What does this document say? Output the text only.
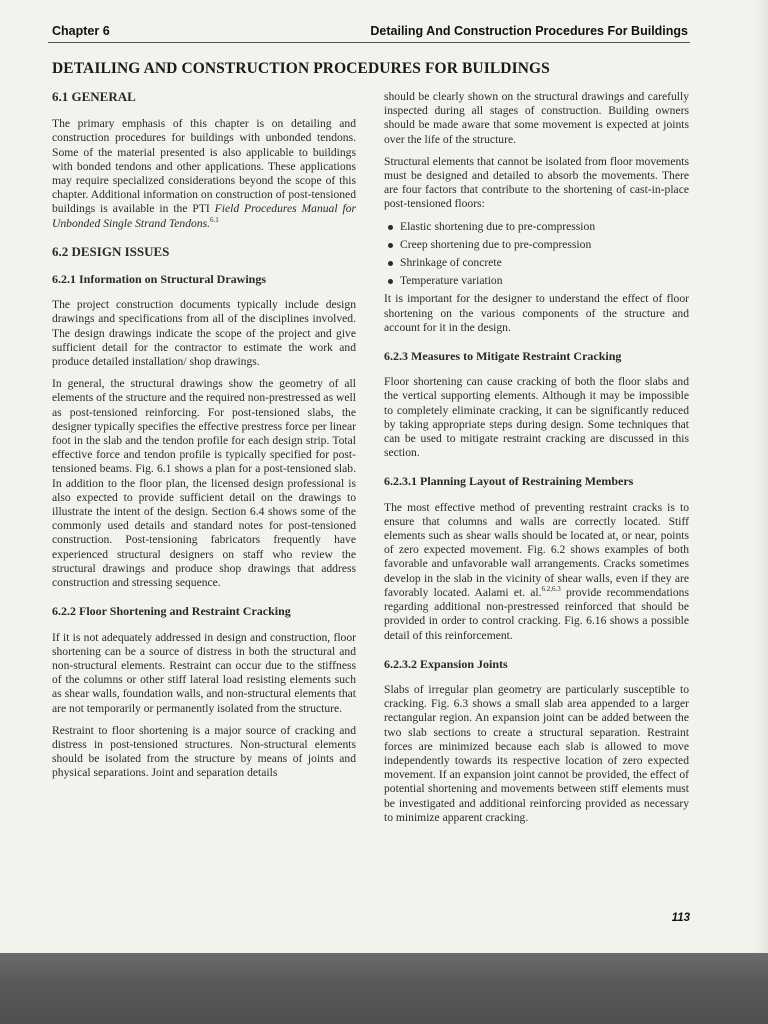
Chapter 6	Detailing And Construction Procedures For Buildings
DETAILING AND CONSTRUCTION PROCEDURES FOR BUILDINGS
6.1 GENERAL

The primary emphasis of this chapter is on detailing and construction procedures for buildings with unbonded tendons. Some of the material presented is also applicable to buildings with bonded tendons and other applications. These applications may require specialized considerations beyond the scope of this chapter. Additional information on construction of post-tensioned buildings is available in the PTI Field Procedures Manual for Unbonded Single Strand Tendons.$^{6.1}$

6.2 DESIGN ISSUES
6.2.1 Information on Structural Drawings

The project construction documents typically include design drawings and specifications from all of the disciplines involved. The design drawings indicate the scope of the project and give sufficient detail for the contractor to estimate the work and produce detailed installation/ shop drawings.

In general, the structural drawings show the geometry of all elements of the structure and the required non-prestressed as well as post-tensioned reinforcing. For post-tensioned slabs, the designer typically specifies the effective prestress force per linear foot in the slab and the tendon profile for each design strip. Total effective force and tendon profile is typically specified for post-tensioned beams. Fig. 6.1 shows a plan for a post-tensioned slab. In addition to the floor plan, the licensed design professional is also expected to provide sufficient detail on the drawings to illustrate the intent of the design. Section 6.4 shows some of the commonly used details and standard notes for post-tensioned construction. Post-tensioning fabricators frequently have experienced structural designers on staff who review the structural drawings and produce shop drawings that address construction and stressing sequence.

6.2.2 Floor Shortening and Restraint Cracking

If it is not adequately addressed in design and construction, floor shortening can be a source of distress in both the structural and non-structural elements. Restraint can occur due to the stiffness of the columns or other stiff lateral load resisting elements such as shear walls, foundation walls, and non-structural elements that are not temporarily or permanently isolated from the structure.

Restraint to floor shortening is a major source of cracking and distress in post-tensioned structures. Non-structural elements should be isolated from the structure by means of joints and physical separations. Joint and separation details

should be clearly shown on the structural drawings and carefully inspected during all stages of construction. Building owners should be made aware that some movement is expected at joints over the life of the structure.

Structural elements that cannot be isolated from floor movements must be designed and detailed to absorb the movements. There are four factors that contribute to the shortening of cast-in-place post-tensioned floors:

Elastic shortening due to pre-compression
Creep shortening due to pre-compression
Shrinkage of concrete
Temperature variation

It is important for the designer to understand the effect of floor shortening on the various components of the structure and account for it in the design.

6.2.3 Measures to Mitigate Restraint Cracking

Floor shortening can cause cracking of both the floor slabs and the vertical supporting elements. Although it may be impossible to completely eliminate cracking, it can be significantly reduced by taking appropriate steps during design. Some techniques that can be used to mitigate restraint cracking are discussed in this section.

6.2.3.1 Planning Layout of Restraining Members

The most effective method of preventing restraint cracks is to ensure that columns and walls are correctly located. Stiff elements such as shear walls should be located at, or near, points of zero expected movement. Fig. 6.2 shows examples of both favorable and unfavorable wall arrangements. Cracks sometimes develop in the slab in the vicinity of shear walls, even if they are favorably located. Aalami et. al.$^{6.2,6.3}$ provide recommendations regarding additional non-prestressed reinforced that should be provided in order to control cracking. Fig. 6.16 shows a possible detail of this reinforcement.

6.2.3.2 Expansion Joints

Slabs of irregular plan geometry are particularly susceptible to cracking. Fig. 6.3 shows a small slab area appended to a larger rectangular region. An expansion joint can be added between the two slab sections to create a structural separation. Restraint forces are minimized because each slab is allowed to move independently towards its respective location of zero expected movement. If an expansion joint cannot be provided, the effect of potential shortening and movements between stiff elements must be investigated and additional reinforcing provided as necessary to minimize apparent cracking.

113
